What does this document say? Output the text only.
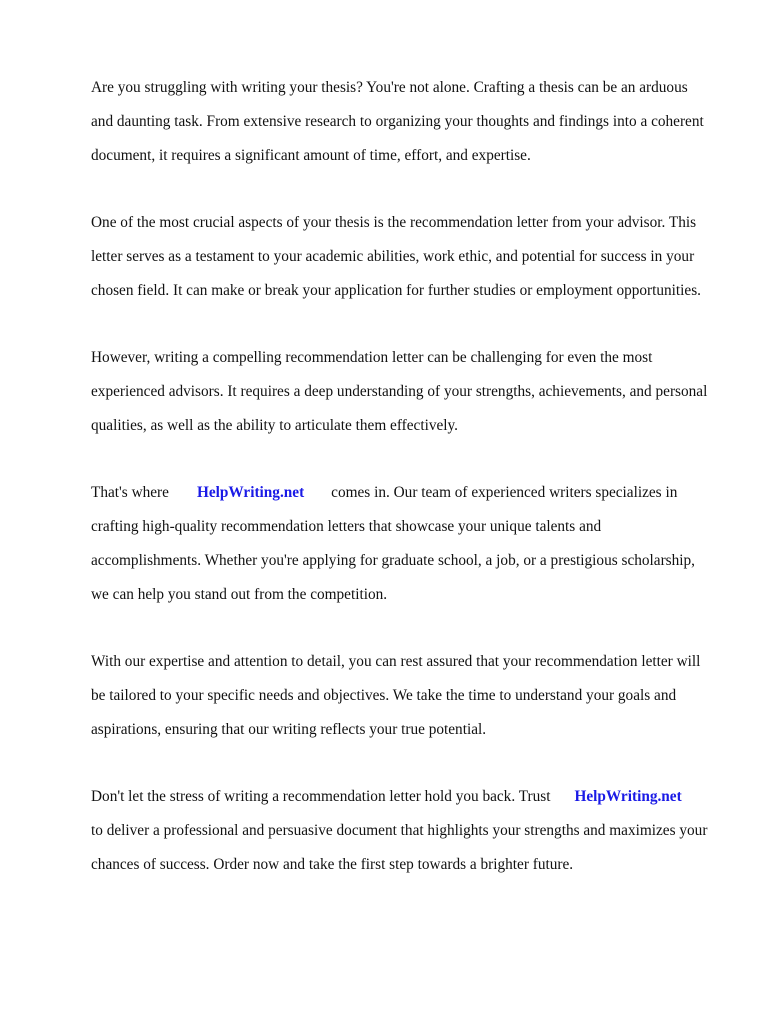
Are you struggling with writing your thesis? You're not alone. Crafting a thesis can be an arduous

and daunting task. From extensive research to organizing your thoughts and findings into a coherent

document, it requires a significant amount of time, effort, and expertise.

One of the most crucial aspects of your thesis is the recommendation letter from your advisor. This

letter serves as a testament to your academic abilities, work ethic, and potential for success in your

chosen field. It can make or break your application for further studies or employment opportunities.

However, writing a compelling recommendation letter can be challenging for even the most

experienced advisors. It requires a deep understanding of your strengths, achievements, and personal

qualities, as well as the ability to articulate them effectively.

That's where HelpWriting.net comes in. Our team of experienced writers specializes in

crafting high-quality recommendation letters that showcase your unique talents and

accomplishments. Whether you're applying for graduate school, a job, or a prestigious scholarship,

we can help you stand out from the competition.

With our expertise and attention to detail, you can rest assured that your recommendation letter will

be tailored to your specific needs and objectives. We take the time to understand your goals and

aspirations, ensuring that our writing reflects your true potential.

Don't let the stress of writing a recommendation letter hold you back. Trust HelpWriting.net

to deliver a professional and persuasive document that highlights your strengths and maximizes your

chances of success. Order now and take the first step towards a brighter future.
